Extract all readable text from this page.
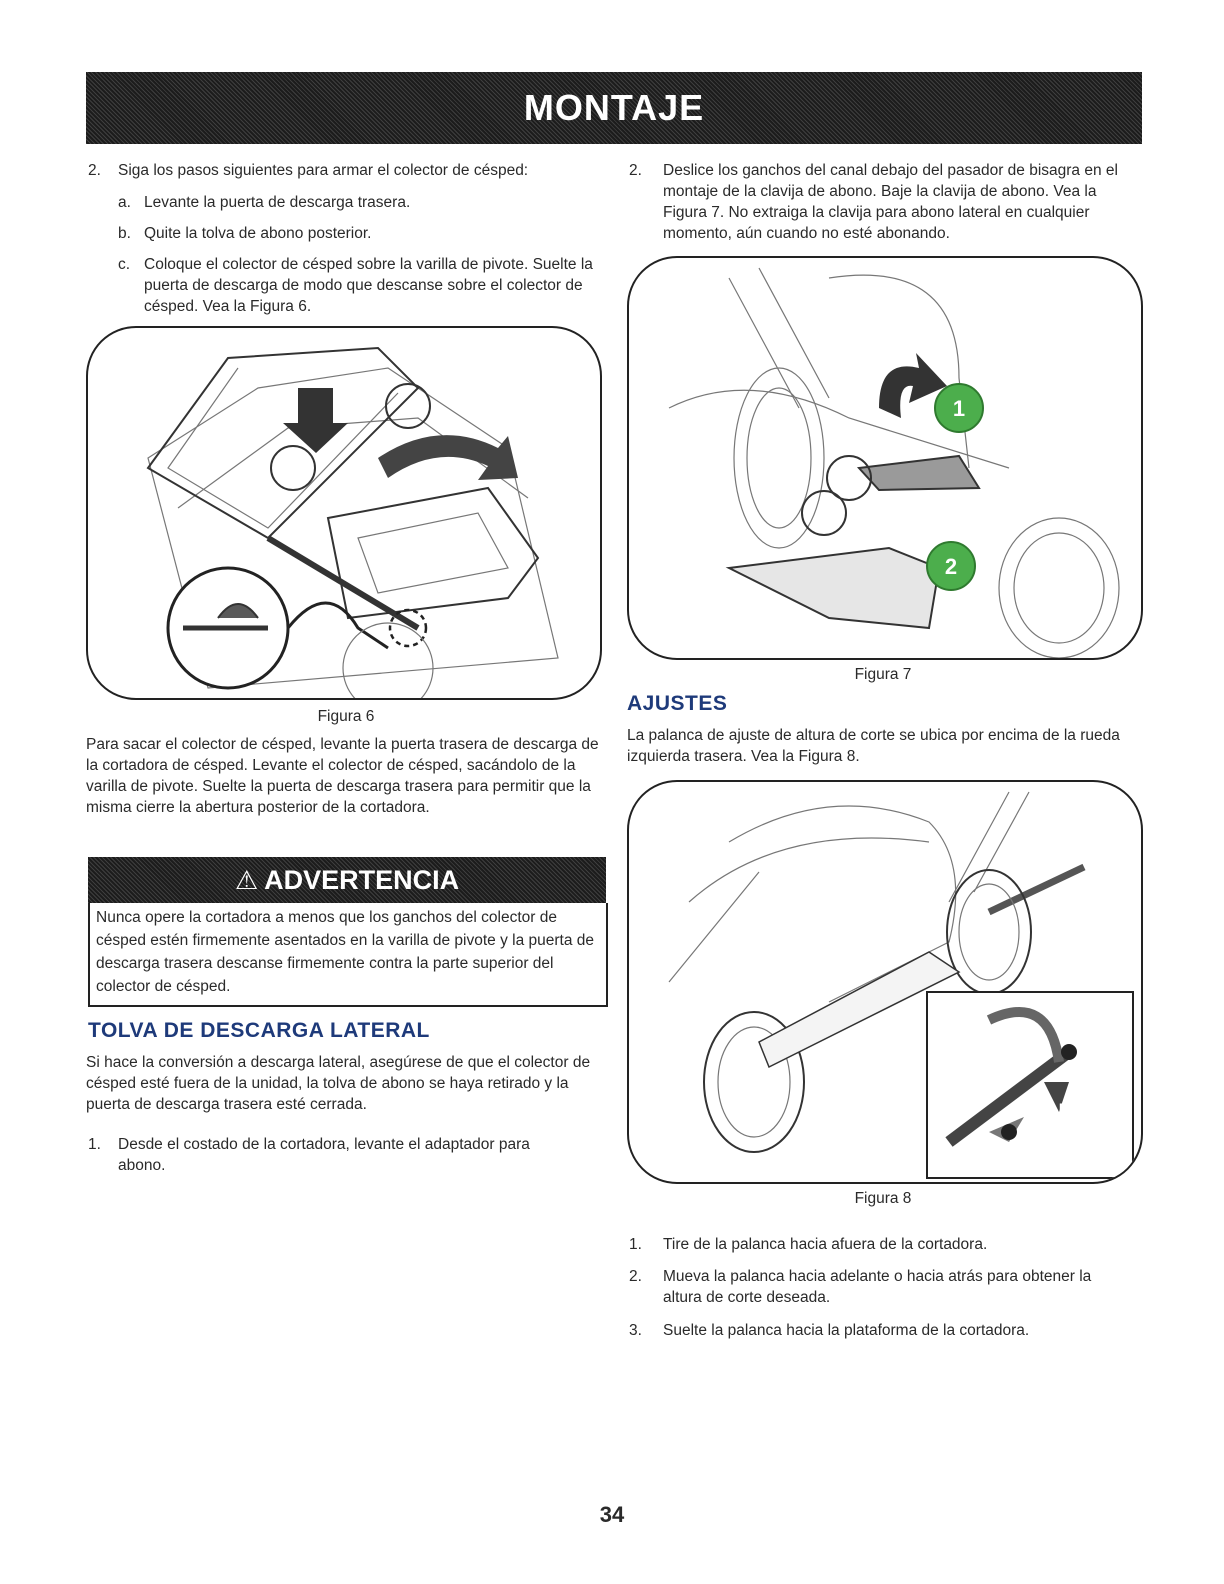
MONTAJE
2. Siga los pasos siguientes para armar el colector de césped:
a. Levante la puerta de descarga trasera.
b. Quite la tolva de abono posterior.
c. Coloque el colector de césped sobre la varilla de pivote. Suelte la puerta de descarga de modo que descanse sobre el colector de césped. Vea la Figura 6.
Figura 6
Para sacar el colector de césped, levante la puerta trasera de descarga de la cortadora de césped. Levante el colector de césped, sacándolo de la varilla de pivote. Suelte la puerta de descarga trasera para permitir que la misma cierre la abertura posterior de la cortadora.
⚠ ADVERTENCIA
Nunca opere la cortadora a menos que los ganchos del colector de césped estén firmemente asentados en la varilla de pivote y la puerta de descarga trasera descanse firmemente contra la parte superior del colector de césped.
TOLVA DE DESCARGA LATERAL
Si hace la conversión a descarga lateral, asegúrese de que el colector de césped esté fuera de la unidad, la tolva de abono se haya retirado y la puerta de descarga trasera esté cerrada.
1. Desde el costado de la cortadora, levante el adaptador para abono.
2. Deslice los ganchos del canal debajo del pasador de bisagra en el montaje de la clavija de abono. Baje la clavija de abono. Vea la Figura 7. No extraiga la clavija para abono lateral en cualquier momento, aún cuando no esté abonando.
1
2
Figura 7
AJUSTES
La palanca de ajuste de altura de corte se ubica por encima de la rueda izquierda trasera. Vea la Figura 8.
B
Figura 8
1. Tire de la palanca hacia afuera de la cortadora.
2. Mueva la palanca hacia adelante o hacia atrás para obtener la altura de corte deseada.
3. Suelte la palanca hacia la plataforma de la cortadora.
34
